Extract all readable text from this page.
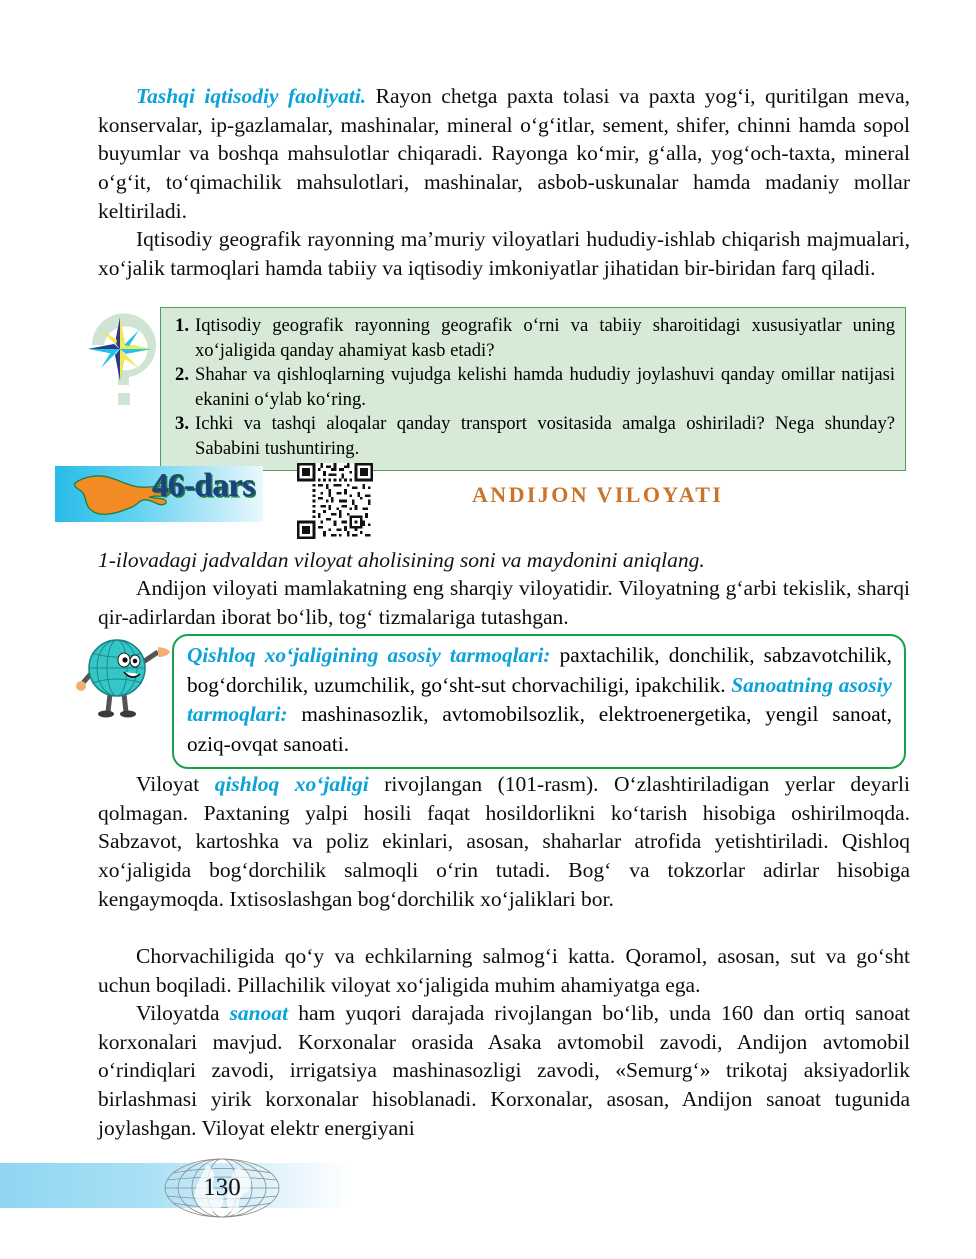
Tashqi iqtisodiy faoliyati. Rayon chetga paxta tolasi va paxta yog‘i, quritilgan meva, konservalar, ip-gazlamalar, mashinalar, mineral o‘g‘itlar, sement, shifer, chinni hamda sopol buyumlar va boshqa mahsulotlar chiqaradi. Rayonga ko‘mir, g‘alla, yog‘och-taxta, mineral o‘g‘it, to‘qimachilik mahsulotlari, mashinalar, asbob-uskunalar hamda madaniy mollar keltiriladi.
Iqtisodiy geografik rayonning ma’muriy viloyatlari hududiy-ishlab chiqarish majmualari, xo‘jalik tarmoqlari hamda tabiiy va iqtisodiy imkoniyatlar jihatidan bir-biridan farq qiladi.
1. Iqtisodiy geografik rayonning geografik o‘rni va tabiiy sharoitidagi xususiyatlar uning xo‘jaligida qanday ahamiyat kasb etadi?
2. Shahar va qishloqlarning vujudga kelishi hamda hududiy joylashuvi qanday omillar natijasi ekanini o‘ylab ko‘ring.
3. Ichki va tashqi aloqalar qanday transport vositasida amalga oshiriladi? Nega shunday? Sababini tushuntiring.
46-dars	ANDIJON VILOYATI
1-ilovadagi jadvaldan viloyat aholisining soni va maydonini aniqlang.
Andijon viloyati mamlakatning eng sharqiy viloyatidir. Viloyatning g‘arbi tekislik, sharqi qir-adirlardan iborat bo‘lib, tog‘ tizmalariga tutashgan.
Qishloq xo‘jaligining asosiy tarmoqlari: paxtachilik, donchilik, sabzavotchilik, bog‘dorchilik, uzumchilik, go‘sht-sut chorvachiligi, ipakchilik. Sanoatning asosiy tarmoqlari: mashinasozlik, avtomobilsozlik, elektroenergetika, yengil sanoat, oziq-ovqat sanoati.
Viloyat qishloq xo‘jaligi rivojlangan (101-rasm). O‘zlashtiriladigan yerlar deyarli qolmagan. Paxtaning yalpi hosili faqat hosildorlikni ko‘tarish hisobiga oshirilmoqda. Sabzavot, kartoshka va poliz ekinlari, asosan, shaharlar atrofida yetishtiriladi. Qishloq xo‘jaligida bog‘dorchilik salmoqli o‘rin tutadi. Bog‘ va tokzorlar adirlar hisobiga kengaymoqda. Ixtisoslashgan bog‘dorchilik xo‘jaliklari bor.
Chorvachiligida qo‘y va echkilarning salmog‘i katta. Qoramol, asosan, sut va go‘sht uchun boqiladi. Pillachilik viloyat xo‘jaligida muhim ahamiyatga ega.
Viloyatda sanoat ham yuqori darajada rivojlangan bo‘lib, unda 160 dan ortiq sanoat korxonalari mavjud. Korxonalar orasida Asaka avtomobil zavodi, Andijon avtomobil o‘rindiqlari zavodi, irrigatsiya mashinasozligi zavodi, «Semurg‘» trikotaj aksiyadorlik birlashmasi yirik korxonalar hisoblanadi. Korxonalar, asosan, Andijon sanoat tugunida joylashgan. Viloyat elektr energiyani
130
